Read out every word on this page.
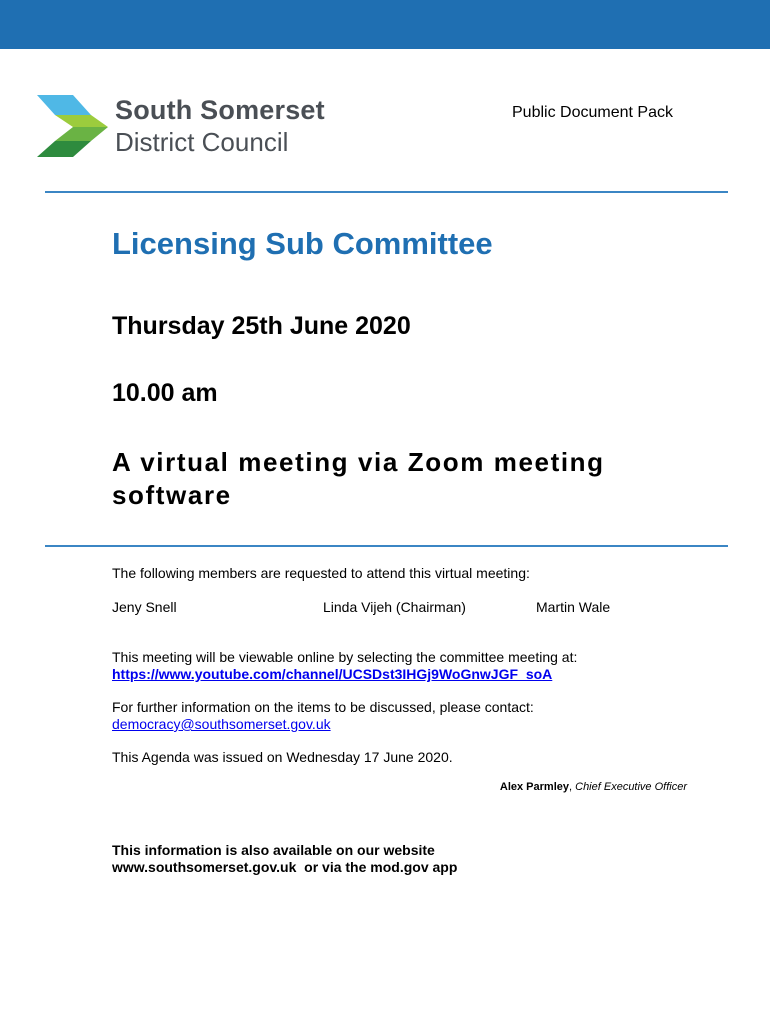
South Somerset
District Council
Public Document Pack
Licensing Sub Committee
Thursday 25th June 2020
10.00 am
A virtual meeting via Zoom meeting software
The following members are requested to attend this virtual meeting:
Jeny Snell	Linda Vijeh (Chairman)	Martin Wale
This meeting will be viewable online by selecting the committee meeting at:
https://www.youtube.com/channel/UCSDst3IHGj9WoGnwJGF_soA
For further information on the items to be discussed, please contact:
democracy@southsomerset.gov.uk
This Agenda was issued on Wednesday 17 June 2020.
Alex Parmley, Chief Executive Officer
This information is also available on our website
www.southsomerset.gov.uk  or via the mod.gov app
